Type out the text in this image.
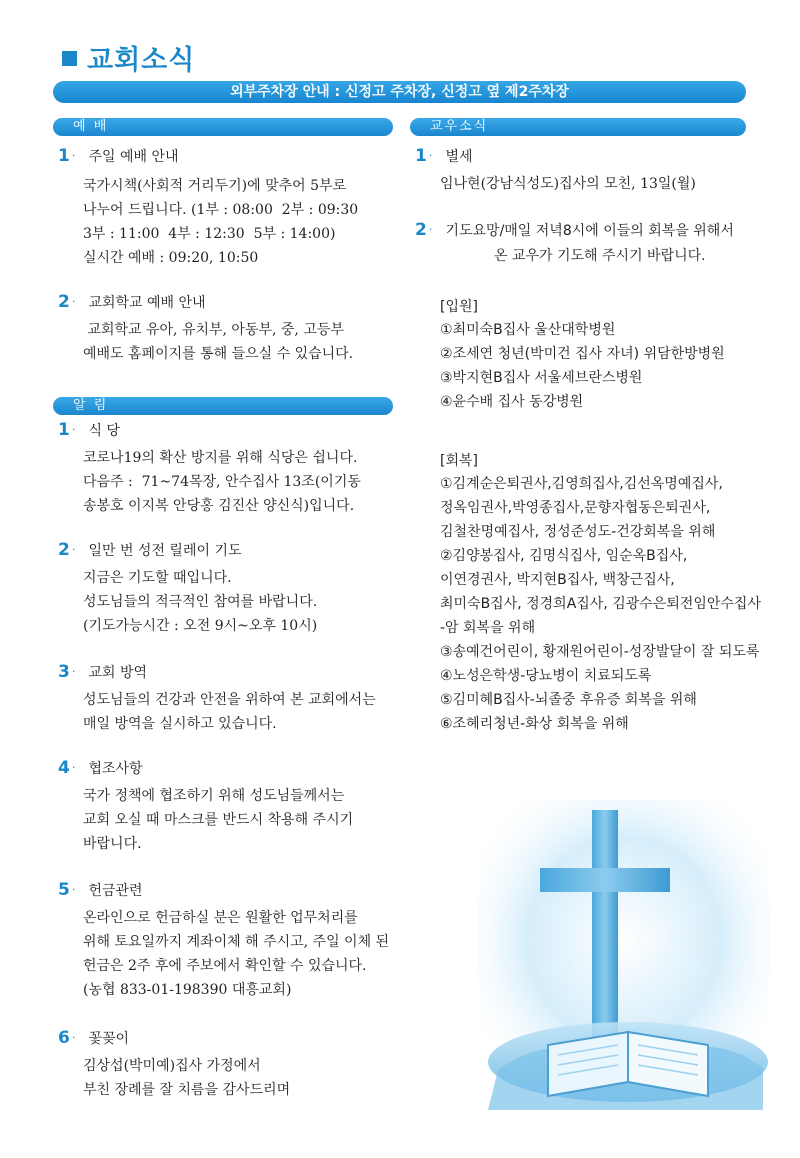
교회소식
외부주차장 안내 : 신정고 주차장, 신정고 옆 제2주차장
예 배
1 · 주일 예배 안내
국가시책(사회적 거리두기)에 맞추어 5부로
나누어 드립니다. (1부 : 08:00  2부 : 09:30
3부 : 11:00  4부 : 12:30  5부 : 14:00)
실시간 예배 : 09:20, 10:50
2 · 교회학교 예배 안내
교회학교 유아, 유치부, 아동부, 중, 고등부
예배도 홈페이지를 통해 들으실 수 있습니다.
알 림
1 · 식 당
코로나19의 확산 방지를 위해 식당은 쉽니다.
다음주 :  71~74목장, 안수집사 13조(이기동
송봉호 이지복 안당홍 김진산 양신식)입니다.
2 · 일만 번 성전 릴레이 기도
지금은 기도할 때입니다.
성도님들의 적극적인 참여를 바랍니다.
(기도가능시간 : 오전 9시~오후 10시)
3 · 교회 방역
성도님들의 건강과 안전을 위하여 본 교회에서는
매일 방역을 실시하고 있습니다.
4 · 협조사항
국가 정책에 협조하기 위해 성도님들께서는
교회 오실 때 마스크를 반드시 착용해 주시기
바랍니다.
5 · 헌금관련
온라인으로 헌금하실 분은 원활한 업무처리를
위해 토요일까지 계좌이체 해 주시고, 주일 이체 된
헌금은 2주 후에 주보에서 확인할 수 있습니다.
(농협 833-01-198390 대흥교회)
6 · 꽃꽂이
김상섭(박미예)집사 가정에서
부친 장례를 잘 치름을 감사드리며
교우소식
1 · 별세
임나현(강남식성도)집사의 모친, 13일(월)
2 · 기도요망/매일 저녁8시에 이들의 회복을 위해서
온 교우가 기도해 주시기 바랍니다.
[입원]
①최미숙B집사 울산대학병원
②조세연 청년(박미건 집사 자녀) 위담한방병원
③박지현B집사 서울세브란스병원
④윤수배 집사 동강병원
[회복]
①김계순은퇴권사,김영희집사,김선옥명예집사,
정옥임권사,박영종집사,문향자협동은퇴권사,
김철찬명예집사, 정성준성도-건강회복을 위해
②김양봉집사, 김명식집사, 임순옥B집사,
이연경권사, 박지현B집사, 백창근집사,
최미숙B집사, 정경희A집사, 김광수은퇴전임안수집사
-암 회복을 위해
③송예건어린이, 황재원어린이-성장발달이 잘 되도록
④노성은학생-당뇨병이 치료되도록
⑤김미혜B집사-뇌졸중 후유증 회복을 위해
⑥조혜리청년-화상 회복을 위해
